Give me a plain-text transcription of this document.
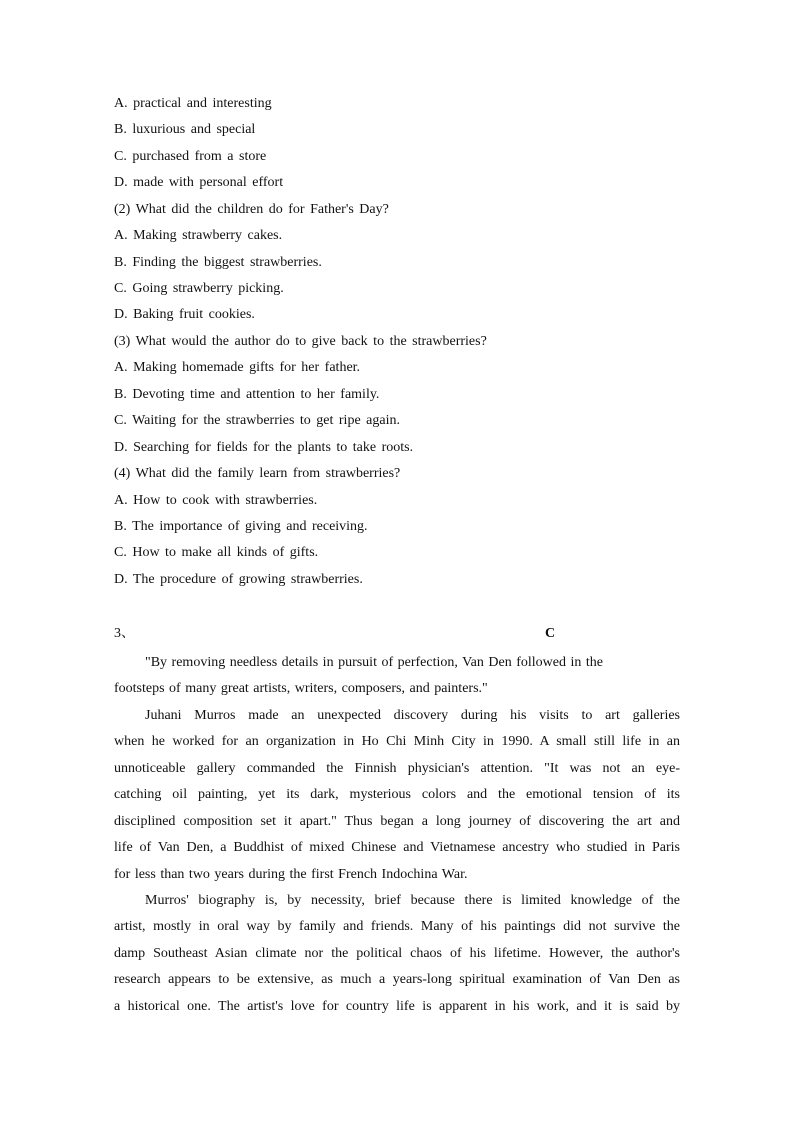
A. practical and interesting
B. luxurious and special
C. purchased from a store
D. made with personal effort
(2) What did the children do for Father's Day?
A. Making strawberry cakes.
B. Finding the biggest strawberries.
C. Going strawberry picking.
D. Baking fruit cookies.
(3) What would the author do to give back to the strawberries?
A. Making homemade gifts for her father.
B. Devoting time and attention to her family.
C. Waiting for the strawberries to get ripe again.
D. Searching for fields for the plants to take roots.
(4) What did the family learn from strawberries?
A. How to cook with strawberries.
B. The importance of giving and receiving.
C. How to make all kinds of gifts.
D. The procedure of growing strawberries.
3、	C
"By removing needless details in pursuit of perfection, Van Den followed in the
footsteps of many great artists, writers, composers, and painters."
Juhani Murros made an unexpected discovery during his visits to art galleries
when he worked for an organization in Ho Chi Minh City in 1990. A small still life in an
unnoticeable gallery commanded the Finnish physician's attention. "It was not an eye-
catching oil painting, yet its dark, mysterious colors and the emotional tension of its
disciplined composition set it apart." Thus began a long journey of discovering the art and
life of Van Den, a Buddhist of mixed Chinese and Vietnamese ancestry who studied in Paris
for less than two years during the first French Indochina War.
Murros' biography is, by necessity, brief because there is limited knowledge of the
artist, mostly in oral way by family and friends. Many of his paintings did not survive the
damp Southeast Asian climate nor the political chaos of his lifetime. However, the author's
research appears to be extensive, as much a years-long spiritual examination of Van Den as
a historical one. The artist's love for country life is apparent in his work, and it is said by
